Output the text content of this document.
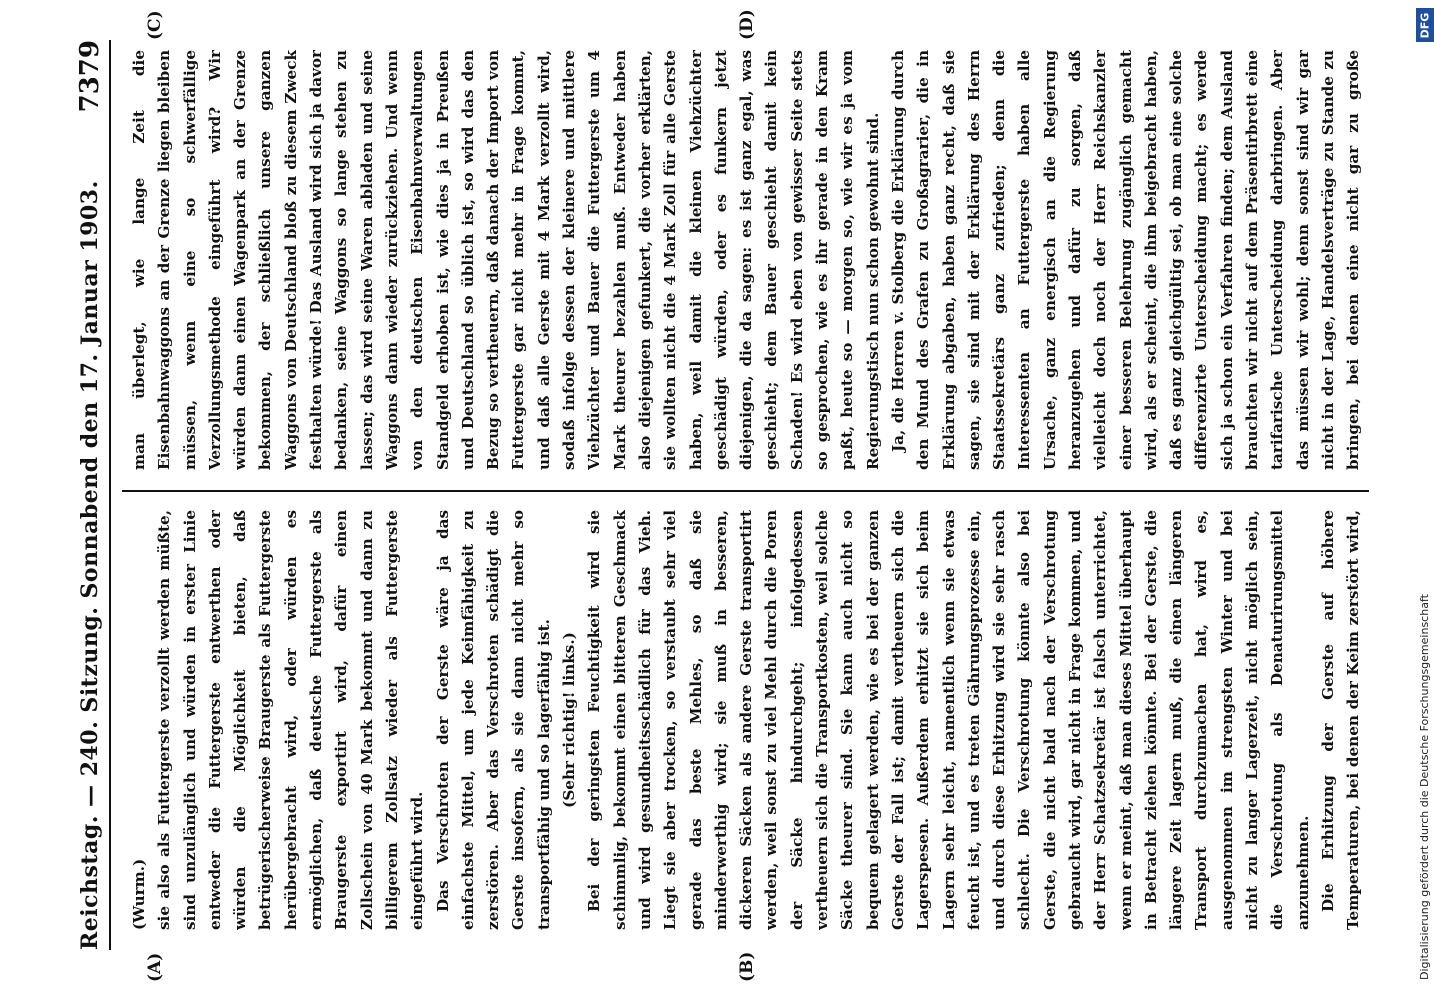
Reichstag. — 240. Sitzung. Sonnabend den 17. Januar 1903.
7379
(A)	(B)
(C)	(D)

(Wurm.) sie also als Futtergerste verzollt werden müßte, sind unzulänglich und würden in erster Linie entweder die Futtergerste entwerthen oder würden die Möglichkeit bieten, daß betrügerischerweise Braugerste als Futtergerste herübergebracht wird, oder würden es ermöglichen, daß deutsche Futtergerste als Braugerste exportirt wird, dafür einen Zollschein von 40 Mark bekommt und dann zu billigerem Zollsatz wieder als Futtergerste eingeführt wird. Das Verschroten der Gerste wäre ja das einfachste Mittel, um jede Keimfähigkeit zu zerstören. Aber das Verschroten schädigt die Gerste insofern, als sie dann nicht mehr so transportfähig und so lagerfähig ist. (Sehr richtig! links.) Bei der geringsten Feuchtigkeit wird sie schimmlig, bekommt einen bitteren Geschmack und wird gesundheitsschädlich für das Vieh. Liegt sie aber trocken, so verstaubt sehr viel gerade das beste Mehles, so daß sie minderwerthig wird; sie muß in besseren, dickeren Säcken als andere Gerste transportirt werden, weil sonst zu viel Mehl durch die Poren der Säcke hindurchgeht; infolgedessen vertheuern sich die Transportkosten, weil solche Säcke theurer sind. Sie kann auch nicht so bequem gelagert werden, wie es bei der ganzen Gerste der Fall ist; damit vertheuern sich die Lagerspesen. Außerdem erhitzt sie sich beim Lagern sehr leicht, namentlich wenn sie etwas feucht ist, und es treten Gährungsprozesse ein, und durch diese Erhitzung wird sie sehr rasch schlecht. Die Verschrotung könnte also bei Gerste, die nicht bald nach der Verschrotung gebraucht wird, gar nicht in Frage kommen, und der Herr Schatzsekretär ist falsch unterrichtet, wenn er meint, daß man dieses Mittel überhaupt in Betracht ziehen könnte. Bei der Gerste, die längere Zeit lagern muß, die einen längeren Transport durchzumachen hat, wird es, ausgenommen im strengsten Winter und bei nicht zu langer Lagerzeit, nicht möglich sein, die Verschrotung als Denaturirungsmittel anzunehmen. Die Erhitzung der Gerste auf höhere Temperaturen, bei denen der Keim zerstört wird,

man überlegt, wie lange Zeit die Eisenbahnwaggons an der Grenze liegen bleiben müssen, wenn eine so schwerfällige Verzollungsmethode eingeführt wird? Wir würden dann einen Wagenpark an der Grenze bekommen, der schließlich unsere ganzen Waggons von Deutschland bloß zu diesem Zweck festhalten würde! Das Ausland wird sich ja davor bedanken, seine Waggons so lange stehen zu lassen; das wird seine Waren abladen und seine Waggons dann wieder zurückziehen. Und wenn von den deutschen Eisenbahnverwaltungen Standgeld erhoben ist, wie dies ja in Preußen und Deutschland so üblich ist, so wird das den Bezug so vertheuern, daß danach der Import von Futtergerste gar nicht mehr in Frage kommt, und daß alle Gerste mit 4 Mark verzollt wird, sodaß infolge dessen der kleinere und mittlere Viehzüchter und Bauer die Futtergerste um 4 Mark theurer bezahlen muß. Entweder haben also diejenigen gefunkert, die vorher erklärten, sie wollten nicht die 4 Mark Zoll für alle Gerste haben, weil damit die kleinen Viehzüchter geschädigt würden, oder es funkern jetzt diejenigen, die da sagen: es ist ganz egal, was geschieht; dem Bauer geschieht damit kein Schaden! Es wird eben von gewisser Seite stets so gesprochen, wie es ihr gerade in den Kram paßt, heute so — morgen so, wie wir es ja vom Regierungstisch nun schon gewohnt sind. Ja, die Herren v. Stolberg die Erklärung durch den Mund des Grafen zu Großagrarier, die in Erklärung abgaben, haben ganz recht, daß sie sagen, sie sind mit der Erklärung des Herrn Staatssekretärs ganz zufrieden; denn die Interessenten an Futtergerste haben alle Ursache, ganz energisch an die Regierung heranzugehen und dafür zu sorgen, daß vielleicht doch noch der Herr Reichskanzler einer besseren Belehrung zugänglich gemacht wird, als er scheint, die ihm beigebracht haben, daß es ganz gleichgültig sei, ob man eine solche differenzirte Unterscheidung macht; es werde sich ja schon ein Verfahren finden; dem Ausland brauchten wir nicht auf dem Präsentirbrett eine tarifarische Unterscheidung darbringen. Aber das müssen wir wohl; denn sonst sind wir gar nicht in der Lage, Handelsverträge zu Stande zu bringen, bei denen eine nicht gar zu große

DFG
Digitalisierung gefördert durch die Deutsche Forschungsgemeinschaft
